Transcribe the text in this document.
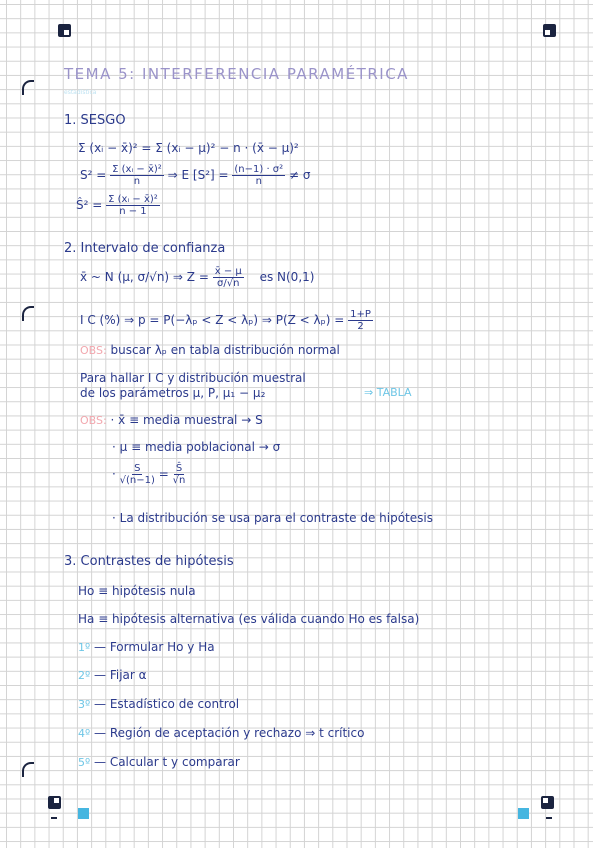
TEMA 5: INTERFERENCIA PARAMÉTRICA
estadística
1. SESGO
Σ (xᵢ − x̄)² = Σ (xᵢ − μ)² − n · (x̄ − μ)²
$S^2 = \frac{\text{Σ (xᵢ − x̄)²}}{n}$ ⇒ E $[S^2] = \frac{\text{(n−1) · σ²}}{n} \ne \sigma$
Ŝ² = $\frac{\text{Σ (xᵢ − x̄)²}}{n - 1}$
2. Intervalo de confianza
x̄ ~ N (μ, σ/√n) ⇒ $Z = \frac{x̄ - \mu}{\sigma/√n}$ es N(0,1)
I C (%) ⇒ p = P(−λₚ < Z < λₚ) ⇒ $P(Z < \lambda_p) = \frac{1+P}{2}$
OBS: buscar λₚ en tabla distribución normal
Para hallar I C y distribución muestral
de los parámetros μ, P, μ₁ − μ₂	⇒ TABLA
OBS: · x̄ ≡ media muestral → S
· μ ≡ media poblacional → σ
· $\frac{S}{√(n-1)} = \frac{Ŝ}{√n}$
· La distribución se usa para el contraste de hipótesis
3. Contrastes de hipótesis
Ho ≡ hipótesis nula
Ha ≡ hipótesis alternativa (es válida cuando Ho es falsa)
1º — Formular Ho y Ha
2º — Fijar α
3º — Estadístico de control
4º — Región de aceptación y rechazo ⇒ t crítico
5º — Calcular t y comparar
